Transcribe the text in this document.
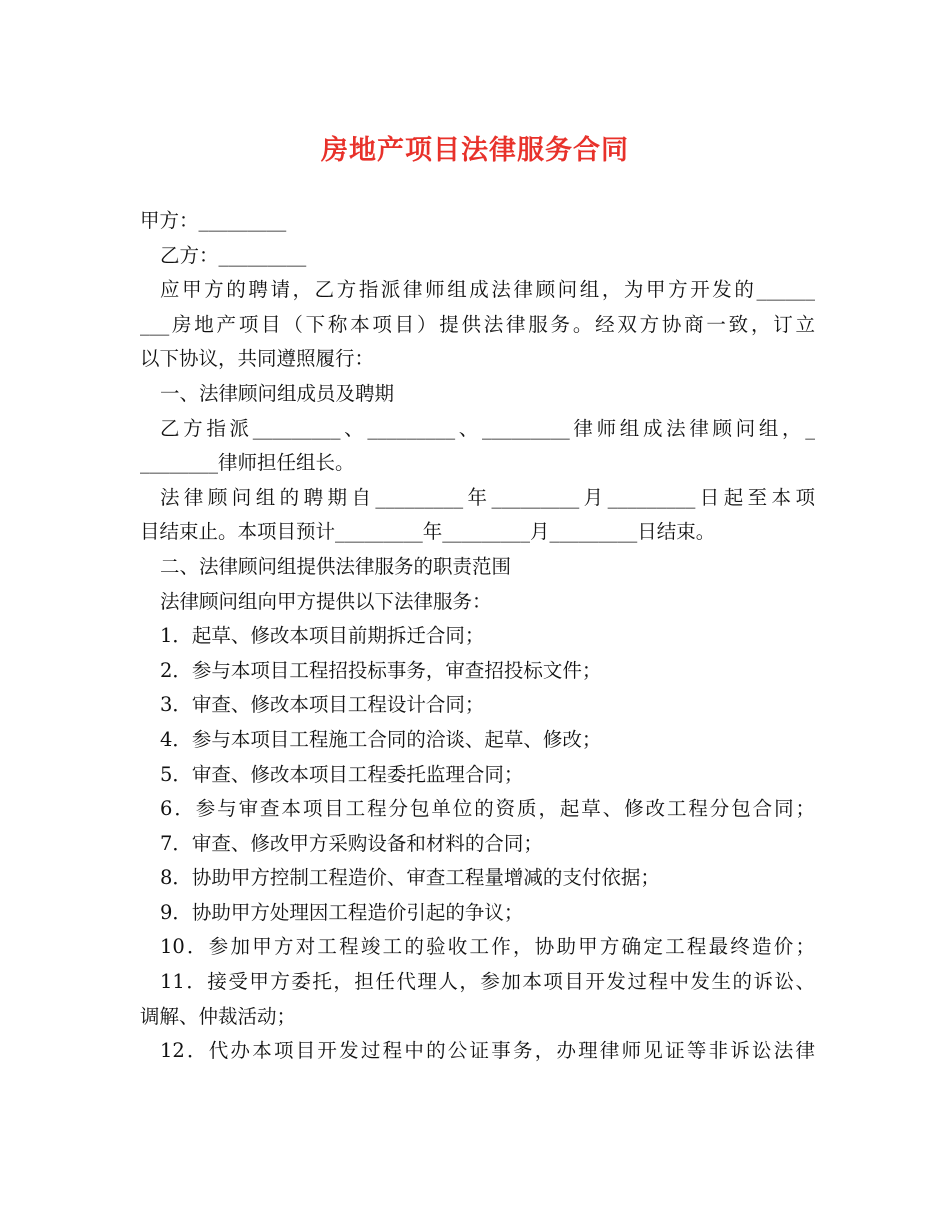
房地产项目法律服务合同
甲方：_________
乙方：_________
应甲方的聘请，乙方指派律师组成法律顾问组，为甲方开发的______
___房地产项目（下称本项目）提供法律服务。经双方协商一致，订立
以下协议，共同遵照履行：
一、法律顾问组成员及聘期
乙方指派_________、_________、_________律师组成法律顾问组，_
________律师担任组长。
法律顾问组的聘期自_________年_________月_________日起至本项
目结束止。本项目预计_________年_________月_________日结束。
二、法律顾问组提供法律服务的职责范围
法律顾问组向甲方提供以下法律服务：
1．起草、修改本项目前期拆迁合同；
2．参与本项目工程招投标事务，审查招投标文件；
3．审查、修改本项目工程设计合同；
4．参与本项目工程施工合同的洽谈、起草、修改；
5．审查、修改本项目工程委托监理合同；
6．参与审查本项目工程分包单位的资质，起草、修改工程分包合同；
7．审查、修改甲方采购设备和材料的合同；
8．协助甲方控制工程造价、审查工程量增减的支付依据；
9．协助甲方处理因工程造价引起的争议；
10．参加甲方对工程竣工的验收工作，协助甲方确定工程最终造价；
11．接受甲方委托，担任代理人，参加本项目开发过程中发生的诉讼、
调解、仲裁活动；
12．代办本项目开发过程中的公证事务，办理律师见证等非诉讼法律
